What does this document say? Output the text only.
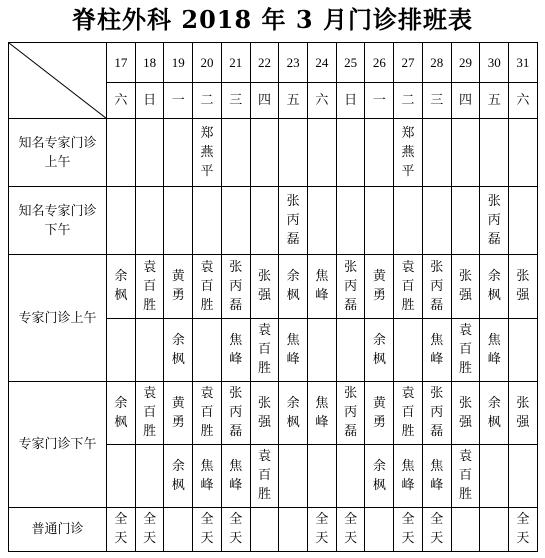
脊柱外科 2018 年 3 月门诊排班表
	17	18	19	20	21	22	23	24	25	26	27	28	29	30	31
	六	日	一	二	三	四	五	六	日	一	二	三	四	五	六
知名专家门诊上午				郑燕平							郑燕平				
知名专家门诊下午							张丙磊							张丙磊	
专家门诊上午	余枫	袁百胜	黄勇	袁百胜	张丙磊	张强	余枫	焦峰	张丙磊	黄勇	袁百胜	张丙磊	张强	余枫	张强
			余枫		焦峰	袁百胜	焦峰			余枫		焦峰	袁百胜	焦峰	
专家门诊下午	余枫	袁百胜	黄勇	袁百胜	张丙磊	张强	余枫	焦峰	张丙磊	黄勇	袁百胜	张丙磊	张强	余枫	张强
			余枫	焦峰	焦峰	袁百胜				余枫	焦峰	焦峰	袁百胜		
普通门诊	全天	全天		全天	全天			全天	全天		全天	全天			全天
